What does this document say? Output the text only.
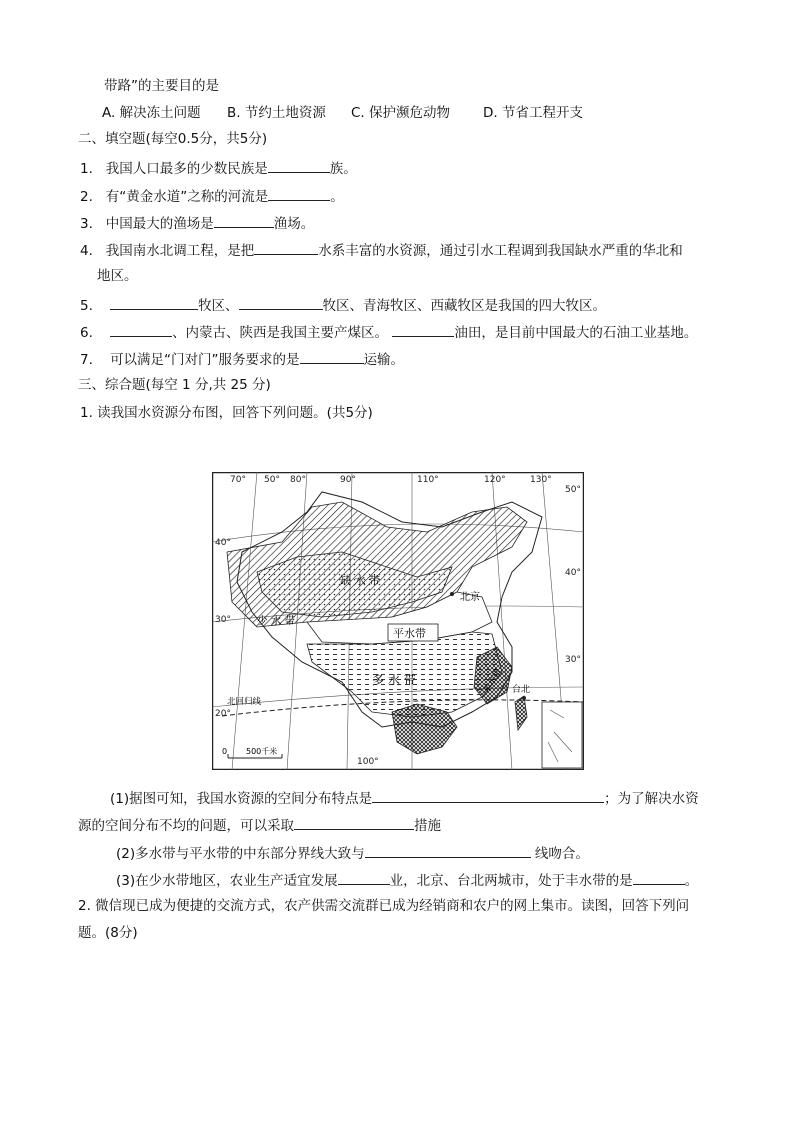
带路”的主要目的是
A. 解决冻土问题 B. 节约土地资源 C. 保护濒危动物 D. 节省工程开支
二、填空题(每空0.5分，共5分)
1. 我国人口最多的少数民族是	族。
2. 有“黄金水道”之称的河流是	。
3. 中国最大的渔场是	渔场。
4. 我国南水北调工程，是把	水系丰富的水资源，通过引水工程调到我国缺水严重的华北和
地区。
5.	牧区、	牧区、青海牧区、西藏牧区是我国的四大牧区。
6.	、内蒙古、陕西是我国主要产煤区。	油田，是目前中国最大的石油工业基地。
7. 可以满足“门对门”服务要求的是	运输。
三、综合题(每空 1 分,共 25 分)
1. 读我国水资源分布图，回答下列问题。(共5分)
缺 水 带
少 水 带
平水带
多 水 带	丰水带
北京
台北
70° 50° 80°	90°	110°	120°	130°
100°
40°
30°
20°
50°
40°
30°
北回归线
0 500千米
(1)据图可知，我国水资源的空间分布特点是	；为了解决水资
源的空间分布不均的问题，可以采取	措施
(2)多水带与平水带的中东部分界线大致与	线吻合。
(3)在少水带地区，农业生产适宜发展	业，北京、台北两城市，处于丰水带的是	。
2. 微信现已成为便捷的交流方式，农产供需交流群已成为经销商和农户的网上集市。读图，回答下列问
题。(8分)
